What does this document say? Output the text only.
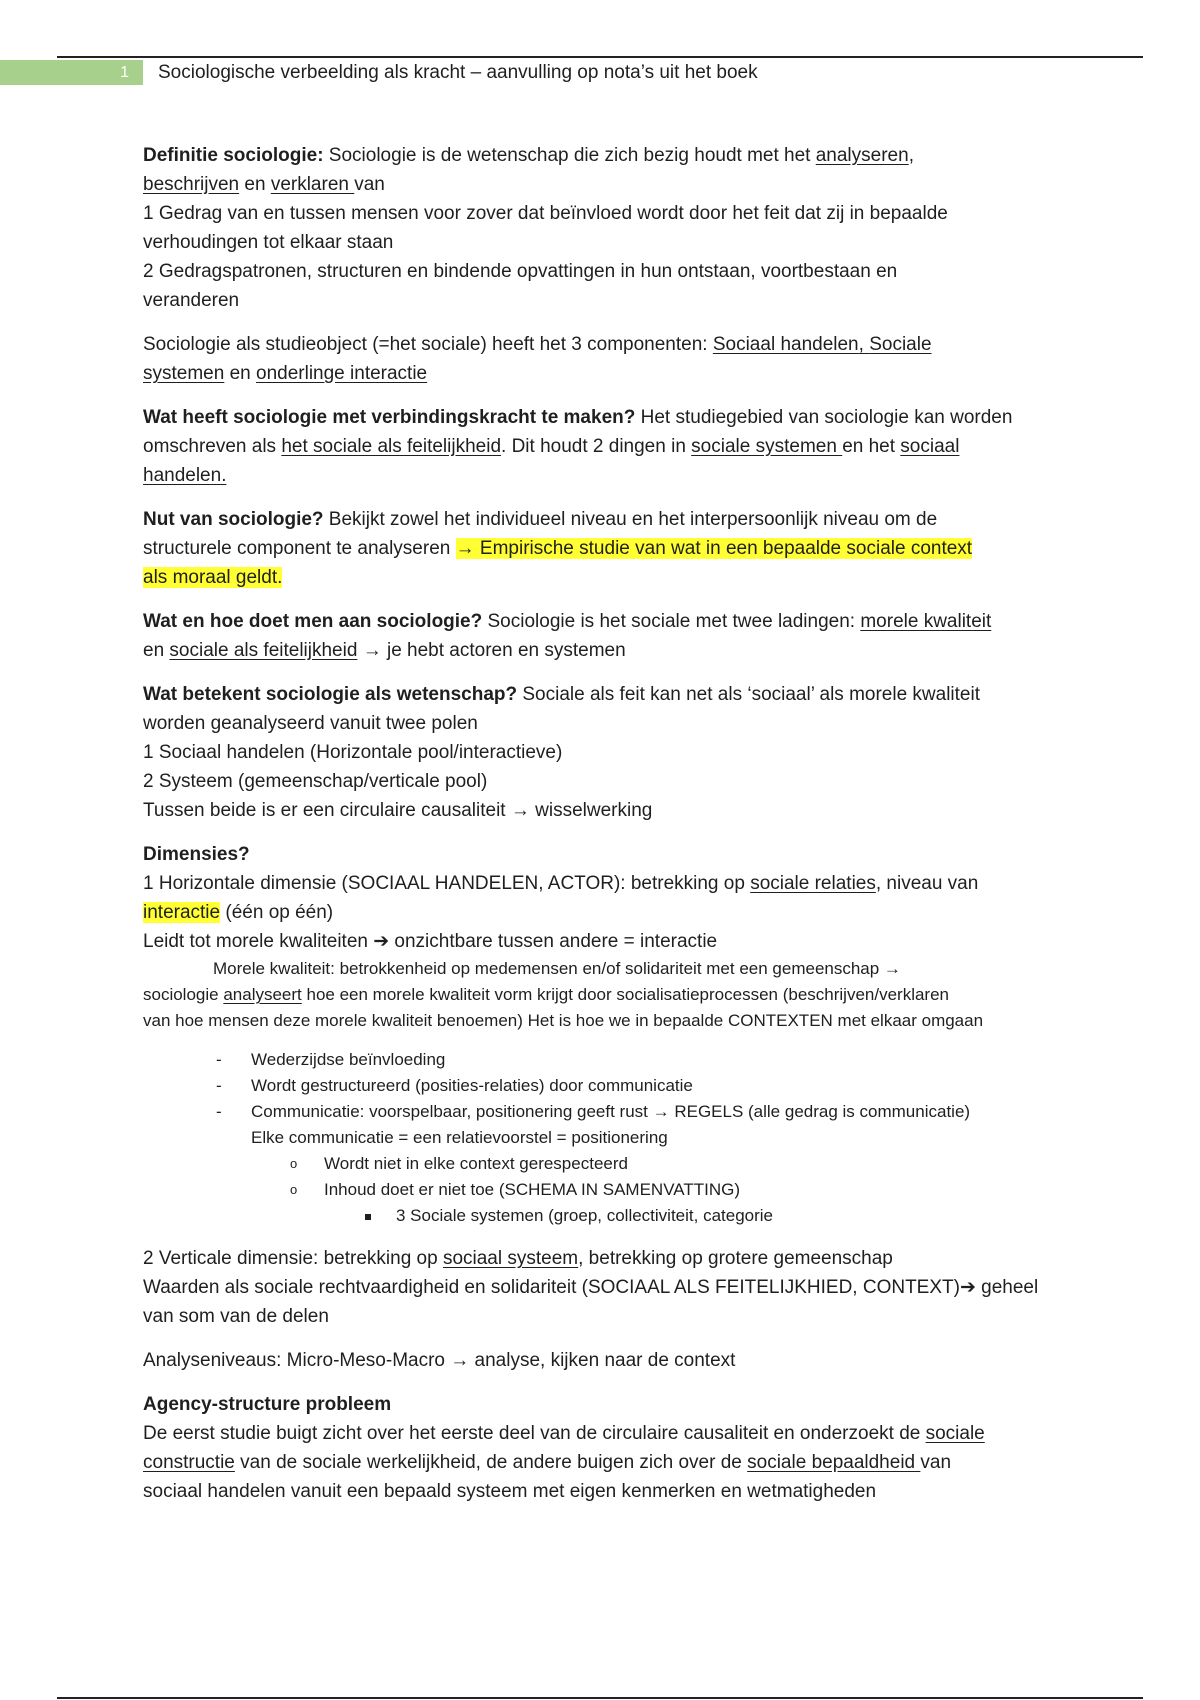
1	Sociologische verbeelding als kracht – aanvulling op nota’s uit het boek
Definitie sociologie: Sociologie is de wetenschap die zich bezig houdt met het analyseren,
beschrijven en verklaren van
1 Gedrag van en tussen mensen voor zover dat beïnvloed wordt door het feit dat zij in bepaalde
verhoudingen tot elkaar staan
2 Gedragspatronen, structuren en bindende opvattingen in hun ontstaan, voortbestaan en
veranderen
Sociologie als studieobject (=het sociale) heeft het 3 componenten: Sociaal handelen, Sociale
systemen en onderlinge interactie
Wat heeft sociologie met verbindingskracht te maken? Het studiegebied van sociologie kan worden
omschreven als het sociale als feitelijkheid. Dit houdt 2 dingen in sociale systemen en het sociaal
handelen.
Nut van sociologie? Bekijkt zowel het individueel niveau en het interpersoonlijk niveau om de
structurele component te analyseren → Empirische studie van wat in een bepaalde sociale context
als moraal geldt.
Wat en hoe doet men aan sociologie? Sociologie is het sociale met twee ladingen: morele kwaliteit
en sociale als feitelijkheid → je hebt actoren en systemen
Wat betekent sociologie als wetenschap? Sociale als feit kan net als ‘sociaal’ als morele kwaliteit
worden geanalyseerd vanuit twee polen
1 Sociaal handelen (Horizontale pool/interactieve)
2 Systeem (gemeenschap/verticale pool)
Tussen beide is er een circulaire causaliteit → wisselwerking
Dimensies?
1 Horizontale dimensie (SOCIAAL HANDELEN, ACTOR): betrekking op sociale relaties, niveau van
interactie (één op één)
Leidt tot morele kwaliteiten ➔ onzichtbare tussen andere = interactie
Morele kwaliteit: betrokkenheid op medemensen en/of solidariteit met een gemeenschap →
sociologie analyseert hoe een morele kwaliteit vorm krijgt door socialisatieprocessen (beschrijven/verklaren
van hoe mensen deze morele kwaliteit benoemen) Het is hoe we in bepaalde CONTEXTEN met elkaar omgaan
- Wederzijdse beïnvloeding
- Wordt gestructureerd (posities-relaties) door communicatie
- Communicatie: voorspelbaar, positionering geeft rust → REGELS (alle gedrag is communicatie)
Elke communicatie = een relatievoorstel = positionering
o Wordt niet in elke context gerespecteerd
o Inhoud doet er niet toe (SCHEMA IN SAMENVATTING)
3 Sociale systemen (groep, collectiviteit, categorie
2 Verticale dimensie: betrekking op sociaal systeem, betrekking op grotere gemeenschap
Waarden als sociale rechtvaardigheid en solidariteit (SOCIAAL ALS FEITELIJKHIED, CONTEXT)➔ geheel
van som van de delen
Analyseniveaus: Micro-Meso-Macro → analyse, kijken naar de context
Agency-structure probleem
De eerst studie buigt zicht over het eerste deel van de circulaire causaliteit en onderzoekt de sociale
constructie van de sociale werkelijkheid, de andere buigen zich over de sociale bepaaldheid van
sociaal handelen vanuit een bepaald systeem met eigen kenmerken en wetmatigheden
